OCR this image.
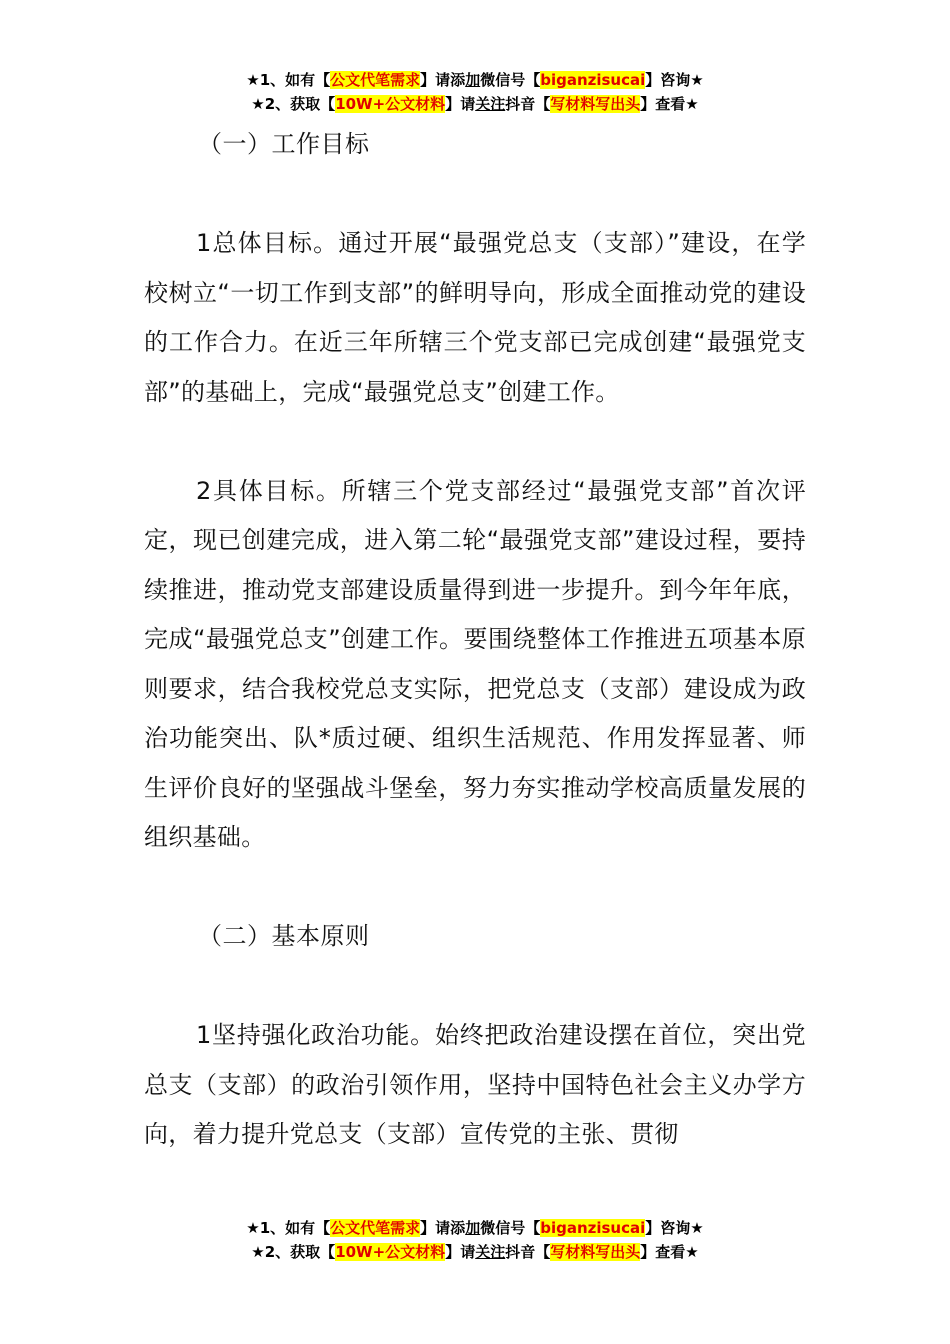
★1、如有【公文代笔需求】请添加微信号【biganzisucai】咨询★
★2、获取【10W+公文材料】请关注抖音【写材料写出头】查看★

（一）工作目标

1总体目标。通过开展“最强党总支（支部）”建设，在学校树立“一切工作到支部”的鲜明导向，形成全面推动党的建设的工作合力。在近三年所辖三个党支部已完成创建“最强党支部”的基础上，完成“最强党总支”创建工作。

2具体目标。所辖三个党支部经过“最强党支部”首次评定，现已创建完成，进入第二轮“最强党支部”建设过程，要持续推进，推动党支部建设质量得到进一步提升。到今年年底，完成“最强党总支”创建工作。要围绕整体工作推进五项基本原则要求，结合我校党总支实际，把党总支（支部）建设成为政治功能突出、队*质过硬、组织生活规范、作用发挥显著、师生评价良好的坚强战斗堡垒，努力夯实推动学校高质量发展的组织基础。

（二）基本原则

1坚持强化政治功能。始终把政治建设摆在首位，突出党总支（支部）的政治引领作用，坚持中国特色社会主义办学方向，着力提升党总支（支部）宣传党的主张、贯彻

★1、如有【公文代笔需求】请添加微信号【biganzisucai】咨询★
★2、获取【10W+公文材料】请关注抖音【写材料写出头】查看★
